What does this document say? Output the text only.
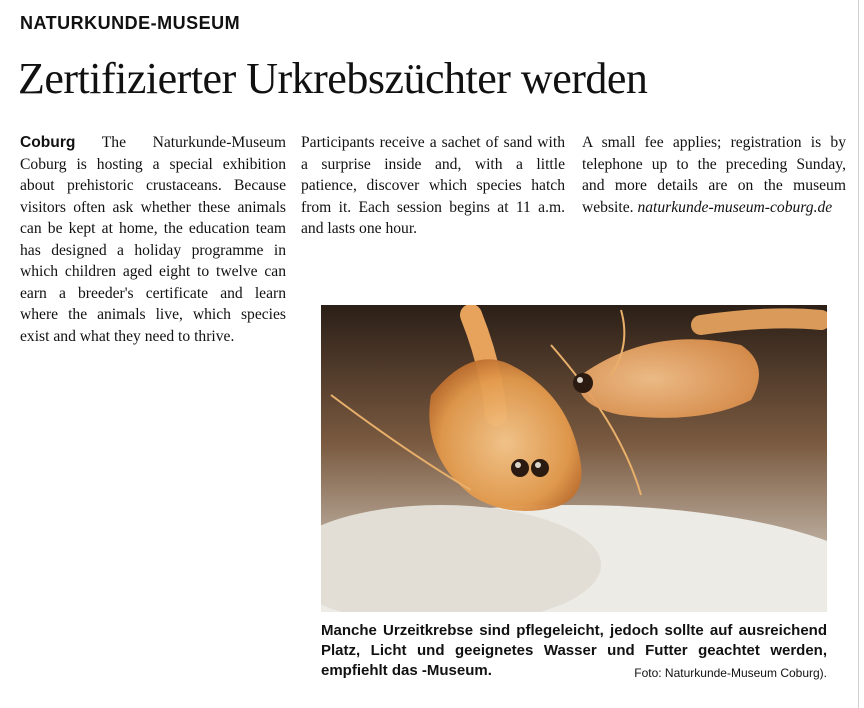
NATURKUNDE-MUSEUM
Zertifizierter Urkrebszüchter werden
Coburg The Naturkunde-Museum Coburg is hosting a special exhibition about prehistoric crustaceans. Because visitors often ask whether these animals can be kept at home, the education team has designed a holiday programme in which children aged eight to twelve can earn a breeder's certificate and learn where the animals live, which species exist and what they need to thrive.
Participants receive a sachet of sand with a surprise inside and, with a little patience, discover which species hatch from it. Each session begins at 11 a.m. and lasts one hour.
A small fee applies; registration is by telephone up to the preceding Sunday, and more details are on the museum website. naturkunde-museum-coburg.de
Manche Urzeitkrebse sind pflegeleicht, jedoch sollte auf ausreichend Platz, Licht und geeignetes Wasser und Futter geachtet werden, empfiehlt das -Museum.	Foto: Naturkunde-Museum Coburg).
